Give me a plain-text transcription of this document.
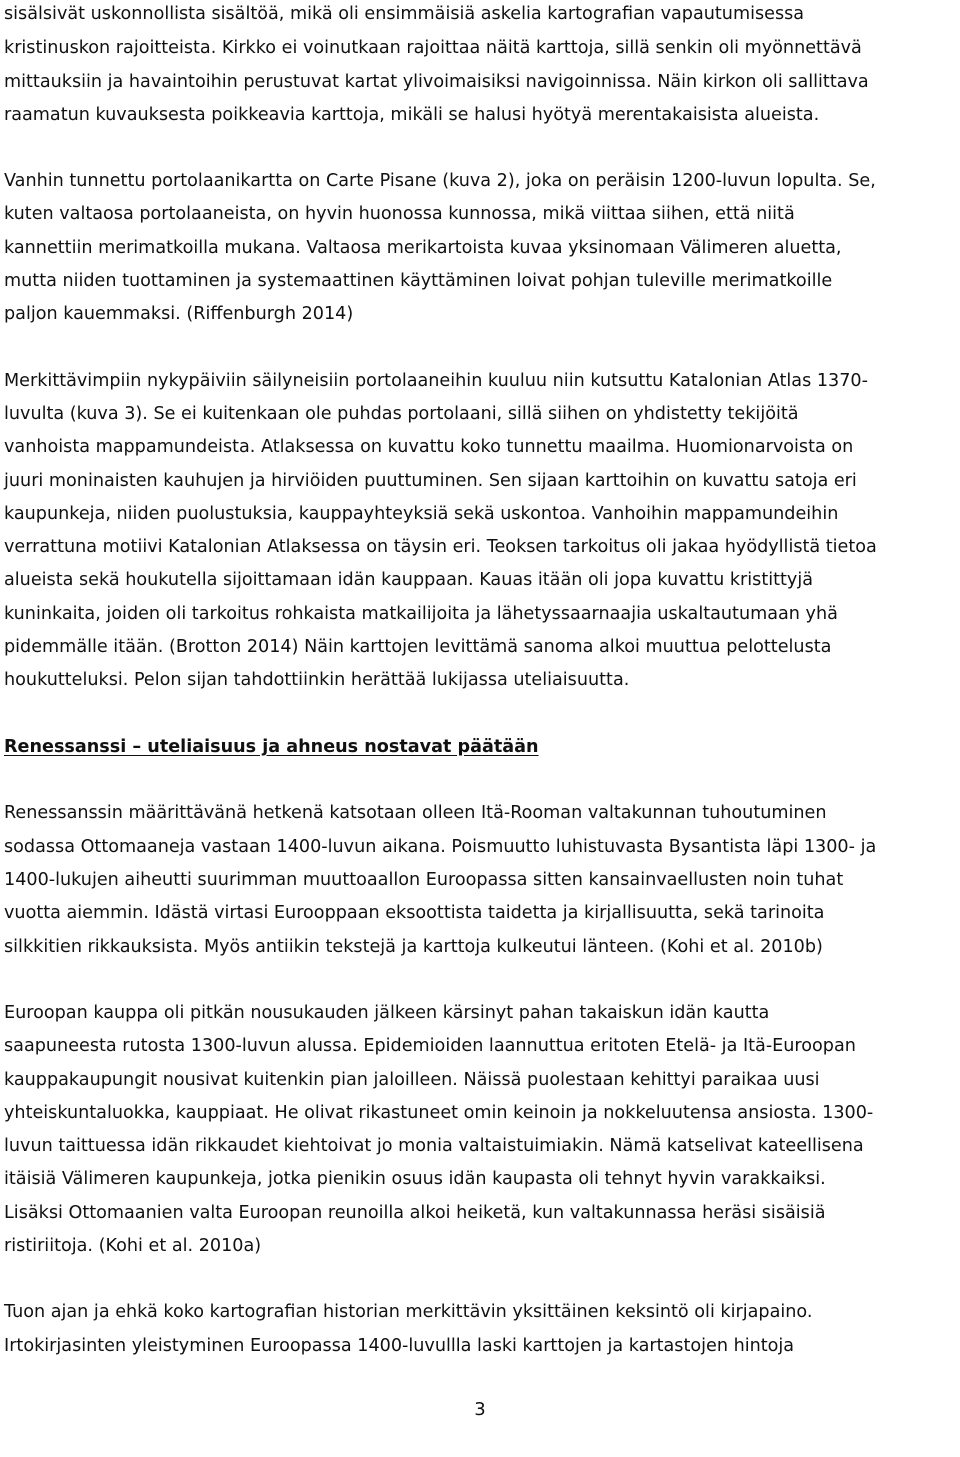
sisälsivät uskonnollista sisältöä, mikä oli ensimmäisiä askelia kartografian vapautumisessa

kristinuskon rajoitteista. Kirkko ei voinutkaan rajoittaa näitä karttoja, sillä senkin oli myönnettävä

mittauksiin ja havaintoihin perustuvat kartat ylivoimaisiksi navigoinnissa. Näin kirkon oli sallittava

raamatun kuvauksesta poikkeavia karttoja, mikäli se halusi hyötyä merentakaisista alueista.

Vanhin tunnettu portolaanikartta on Carte Pisane (kuva 2), joka on peräisin 1200-luvun lopulta. Se,

kuten valtaosa portolaaneista, on hyvin huonossa kunnossa, mikä viittaa siihen, että niitä

kannettiin merimatkoilla mukana. Valtaosa merikartoista kuvaa yksinomaan Välimeren aluetta,

mutta niiden tuottaminen ja systemaattinen käyttäminen loivat pohjan tuleville merimatkoille

paljon kauemmaksi. (Riffenburgh 2014)

Merkittävimpiin nykypäiviin säilyneisiin portolaaneihin kuuluu niin kutsuttu Katalonian Atlas 1370-

luvulta (kuva 3). Se ei kuitenkaan ole puhdas portolaani, sillä siihen on yhdistetty tekijöitä

vanhoista mappamundeista. Atlaksessa on kuvattu koko tunnettu maailma. Huomionarvoista on

juuri moninaisten kauhujen ja hirviöiden puuttuminen. Sen sijaan karttoihin on kuvattu satoja eri

kaupunkeja, niiden puolustuksia, kauppayhteyksiä sekä uskontoa. Vanhoihin mappamundeihin

verrattuna motiivi Katalonian Atlaksessa on täysin eri. Teoksen tarkoitus oli jakaa hyödyllistä tietoa

alueista sekä houkutella sijoittamaan idän kauppaan. Kauas itään oli jopa kuvattu kristittyjä

kuninkaita, joiden oli tarkoitus rohkaista matkailijoita ja lähetyssaarnaajia uskaltautumaan yhä

pidemmälle itään. (Brotton 2014) Näin karttojen levittämä sanoma alkoi muuttua pelottelusta

houkutteluksi. Pelon sijan tahdottiinkin herättää lukijassa uteliaisuutta.

Renessanssi – uteliaisuus ja ahneus nostavat päätään

Renessanssin määrittävänä hetkenä katsotaan olleen Itä-Rooman valtakunnan tuhoutuminen

sodassa Ottomaaneja vastaan 1400-luvun aikana. Poismuutto luhistuvasta Bysantista läpi 1300- ja

1400-lukujen aiheutti suurimman muuttoaallon Euroopassa sitten kansainvaellusten noin tuhat

vuotta aiemmin. Idästä virtasi Eurooppaan eksoottista taidetta ja kirjallisuutta, sekä tarinoita

silkkitien rikkauksista. Myös antiikin tekstejä ja karttoja kulkeutui länteen. (Kohi et al. 2010b)

Euroopan kauppa oli pitkän nousukauden jälkeen kärsinyt pahan takaiskun idän kautta

saapuneesta rutosta 1300-luvun alussa. Epidemioiden laannuttua eritoten Etelä- ja Itä-Euroopan

kauppakaupungit nousivat kuitenkin pian jaloilleen. Näissä puolestaan kehittyi paraikaa uusi

yhteiskuntaluokka, kauppiaat. He olivat rikastuneet omin keinoin ja nokkeluutensa ansiosta. 1300-

luvun taittuessa idän rikkaudet kiehtoivat jo monia valtaistuimiakin. Nämä katselivat kateellisena

itäisiä Välimeren kaupunkeja, jotka pienikin osuus idän kaupasta oli tehnyt hyvin varakkaiksi.

Lisäksi Ottomaanien valta Euroopan reunoilla alkoi heiketä, kun valtakunnassa heräsi sisäisiä

ristiriitoja. (Kohi et al. 2010a)

Tuon ajan ja ehkä koko kartografian historian merkittävin yksittäinen keksintö oli kirjapaino.

Irtokirjasinten yleistyminen Euroopassa 1400-luvullla laski karttojen ja kartastojen hintoja

3
